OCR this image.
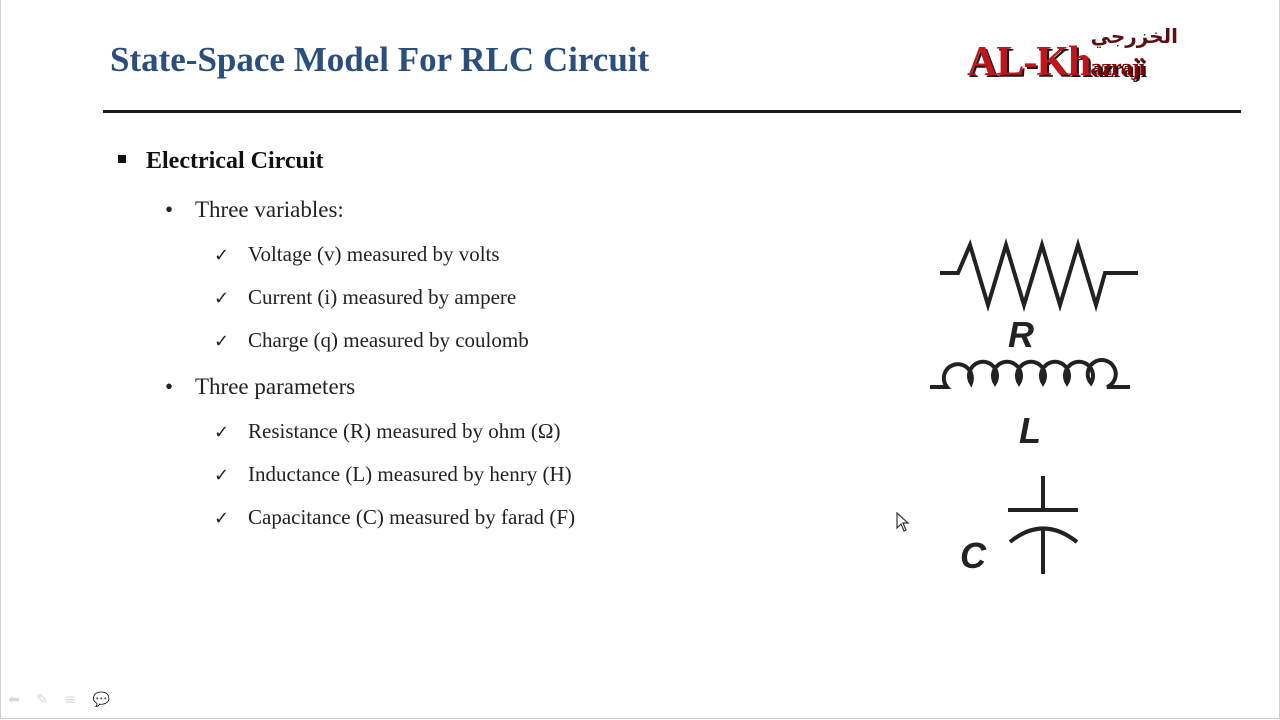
State-Space Model For RLC Circuit
الخزرجي
AL-Khazraji
Electrical Circuit
• Three variables:
✓ Voltage (v) measured by volts
✓ Current (i) measured by ampere
✓ Charge (q) measured by coulomb
• Three parameters
✓ Resistance (R) measured by ohm (Ω)
✓ Inductance (L) measured by henry (H)
✓ Capacitance (C) measured by farad (F)
R
L
C
⬅ ✎ ≡ 💬
